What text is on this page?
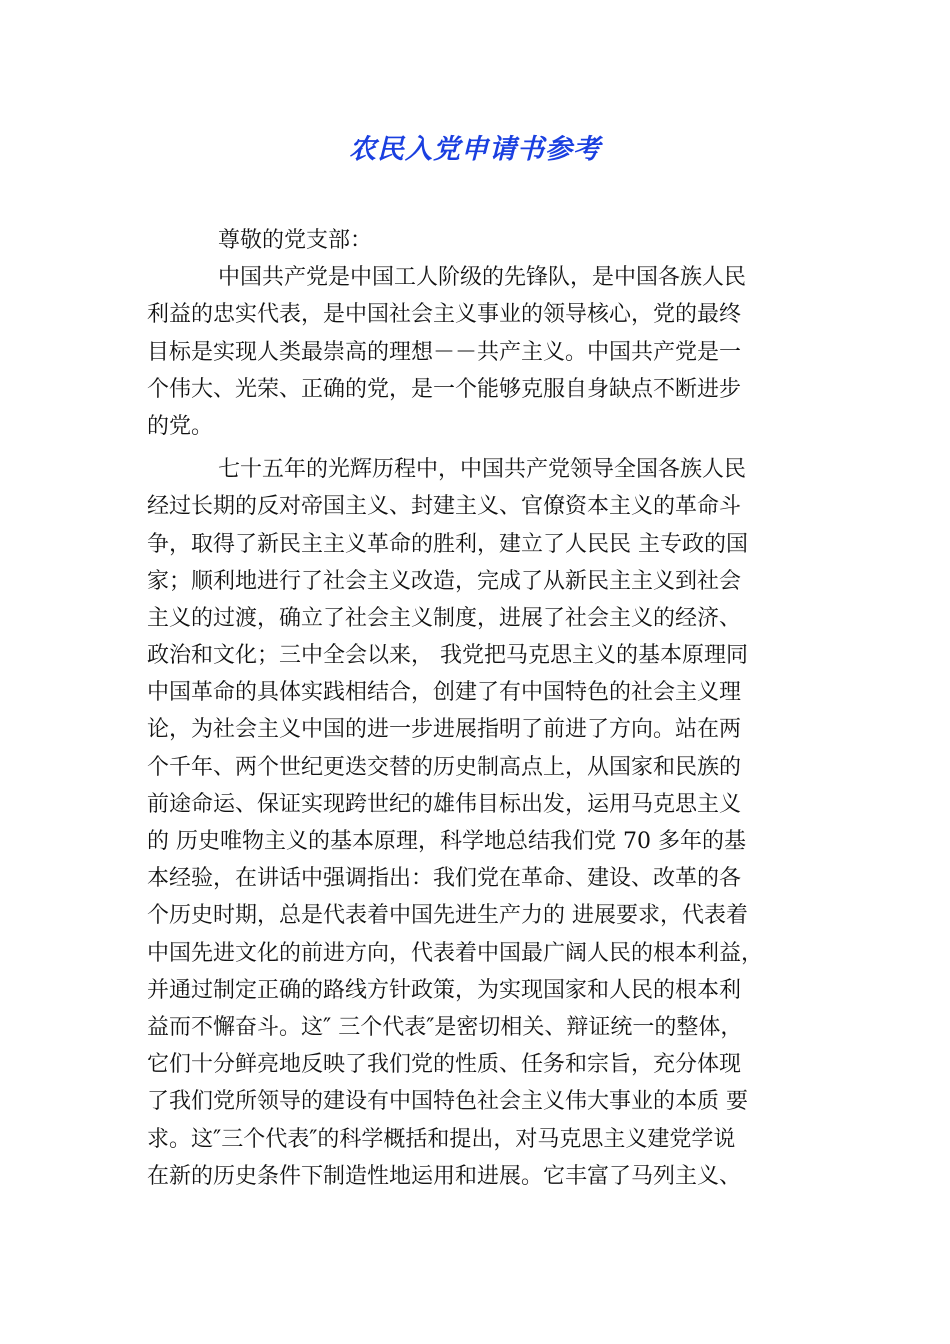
农民入党申请书参考
尊敬的党支部：
中国共产党是中国工人阶级的先锋队，是中国各族人民
利益的忠实代表，是中国社会主义事业的领导核心，党的最终
目标是实现人类最崇高的理想－－共产主义。中国共产党是一
个伟大、光荣、正确的党，是一个能够克服自身缺点不断进步
的党。
七十五年的光辉历程中，中国共产党领导全国各族人民
经过长期的反对帝国主义、封建主义、官僚资本主义的革命斗
争，取得了新民主主义革命的胜利，建立了人民民 主专政的国
家；顺利地进行了社会主义改造，完成了从新民主主义到社会
主义的过渡，确立了社会主义制度，进展了社会主义的经济、
政治和文化；三中全会以来， 我党把马克思主义的基本原理同
中国革命的具体实践相结合，创建了有中国特色的社会主义理
论，为社会主义中国的进一步进展指明了前进了方向。站在两
个千年、两个世纪更迭交替的历史制高点上，从国家和民族的
前途命运、保证实现跨世纪的雄伟目标出发，运用马克思主义
的 历史唯物主义的基本原理，科学地总结我们党 70 多年的基
本经验，在讲话中强调指出：我们党在革命、建设、改革的各
个历史时期，总是代表着中国先进生产力的 进展要求，代表着
中国先进文化的前进方向，代表着中国最广阔人民的根本利益，
并通过制定正确的路线方针政策，为实现国家和人民的根本利
益而不懈奋斗。这″ 三个代表″是密切相关、辩证统一的整体，
它们十分鲜亮地反映了我们党的性质、任务和宗旨，充分体现
了我们党所领导的建设有中国特色社会主义伟大事业的本质 要
求。这″三个代表″的科学概括和提出，对马克思主义建党学说
在新的历史条件下制造性地运用和进展。它丰富了马列主义、
